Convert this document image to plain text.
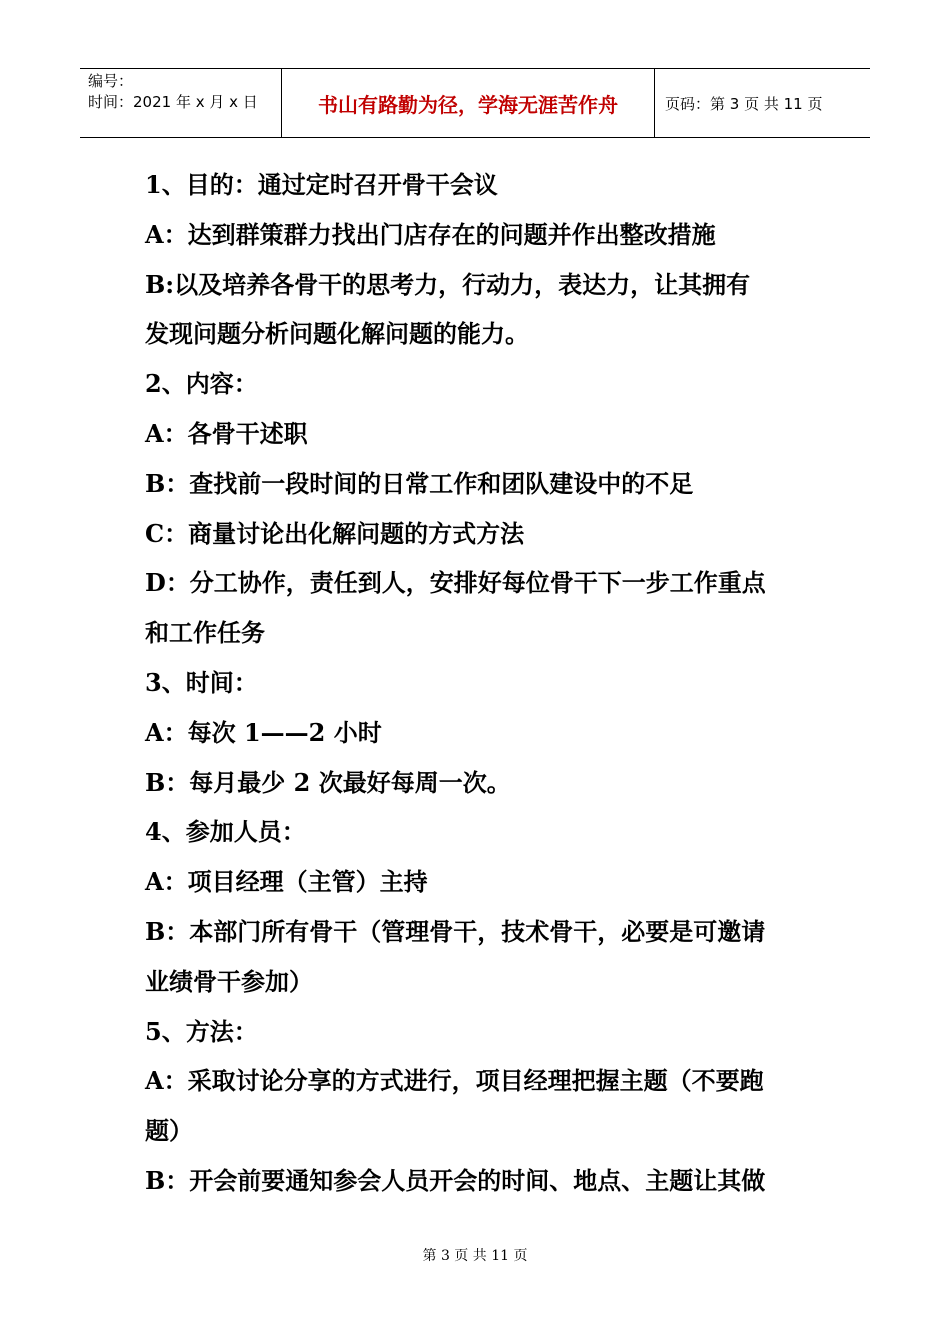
编号：
时间：2021 年 x 月 x 日	书山有路勤为径，学海无涯苦作舟	页码：第 3 页 共 11 页

1、目的：通过定时召开骨干会议

A：达到群策群力找出门店存在的问题并作出整改措施

B:以及培养各骨干的思考力，行动力，表达力，让其拥有

发现问题分析问题化解问题的能力。

2、内容：

A：各骨干述职

B：查找前一段时间的日常工作和团队建设中的不足

C：商量讨论出化解问题的方式方法

D：分工协作，责任到人，安排好每位骨干下一步工作重点

和工作任务

3、时间：

A：每次 1——2 小时

B：每月最少 2 次最好每周一次。

4、参加人员：

A：项目经理（主管）主持

B：本部门所有骨干（管理骨干，技术骨干，必要是可邀请

业绩骨干参加）

5、方法：

A：采取讨论分享的方式进行，项目经理把握主题（不要跑

题）

B：开会前要通知参会人员开会的时间、地点、主题让其做

第 3 页 共 11 页
